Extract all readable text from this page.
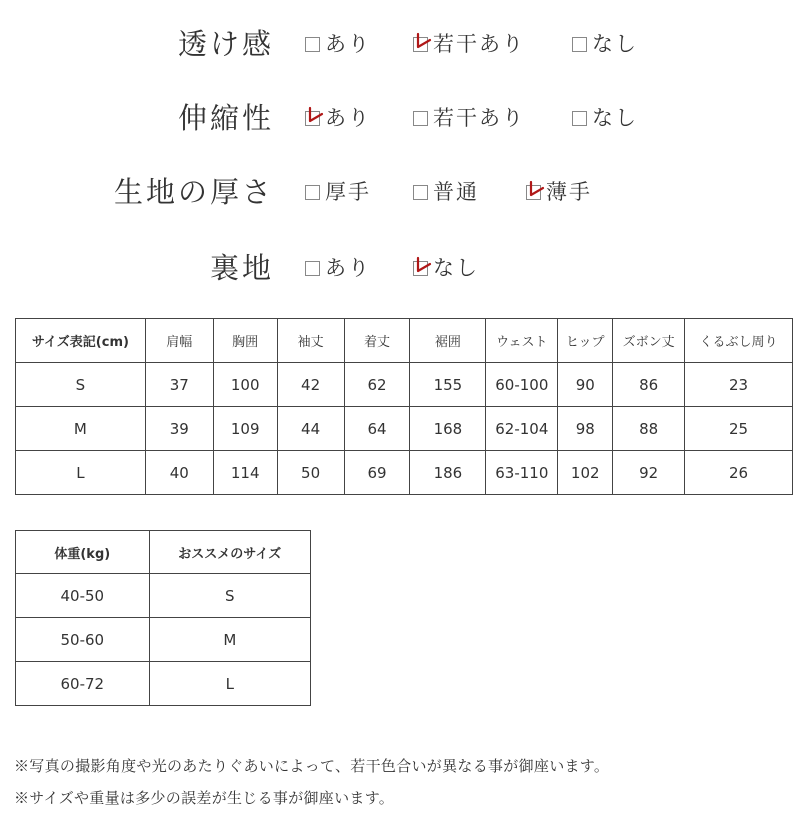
透け感 あり	若干あり	なし
伸縮性 あり	若干あり	なし
生地の厚さ 厚手	普通	薄手
裏地 あり	なし
サイズ表記(cm)	肩幅	胸囲	袖丈	着丈	裾囲	ウェスト	ヒップ	ズボン丈	くるぶし周り
S	37	100	42	62	155	60-100	90	86	23
M	39	109	44	64	168	62-104	98	88	25
L	40	114	50	69	186	63-110	102	92	26
体重(kg)	おススメのサイズ
40-50	S
50-60	M
60-72	L
※写真の撮影角度や光のあたりぐあいによって、若干色合いが異なる事が御座います。
※サイズや重量は多少の誤差が生じる事が御座います。
